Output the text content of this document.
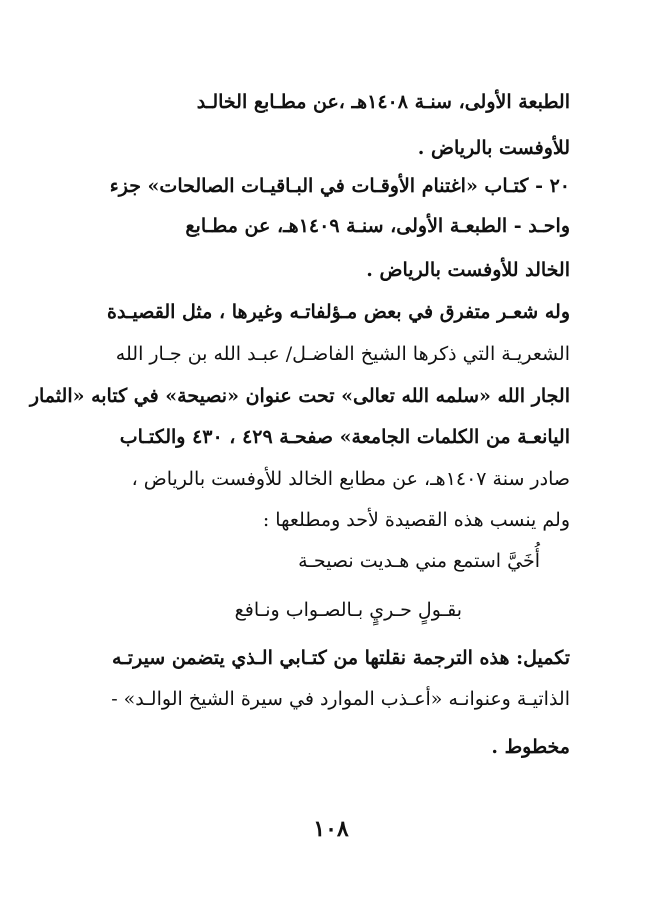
الطبعة الأولى، سنـة ١٤٠٨هـ ،عن مطـابع الخالـد
للأوفست بالرياض .
٢٠ - كتـاب «اغتنام الأوقـات في البـاقيـات الصالحات» جزء
واحـد - الطبعـة الأولى، سنـة ١٤٠٩هـ، عن مطـابع
الخالد للأوفست بالرياض .
وله شعـر متفرق في بعض مـؤلفاتـه وغيرها ، مثل القصيـدة
الشعريـة التي ذكرها الشيخ الفاضـل/ عبـد الله بن جـار الله
الجار الله «سلمه الله تعالى» تحت عنوان «نصيحة» في كتابه «الثمار
اليانعـة من الكلمات الجامعة» صفحـة ٤٢٩ ، ٤٣٠ والكتـاب
صادر سنة ١٤٠٧هـ، عن مطابع الخالد للأوفست بالرياض ،
ولم ينسب هذه القصيدة لأحد ومطلعها :
أُخَيَّ استمع مني هـديت نصيحـة
بقـولٍ حـريٍ بـالصـواب ونـافع
تكميل: هذه الترجمة نقلتها من كتـابي الـذي يتضمن سيرتـه
الذاتيـة وعنوانـه «أعـذب الموارد في سيرة الشيخ الوالـد» -
مخطوط .
١٠٨
